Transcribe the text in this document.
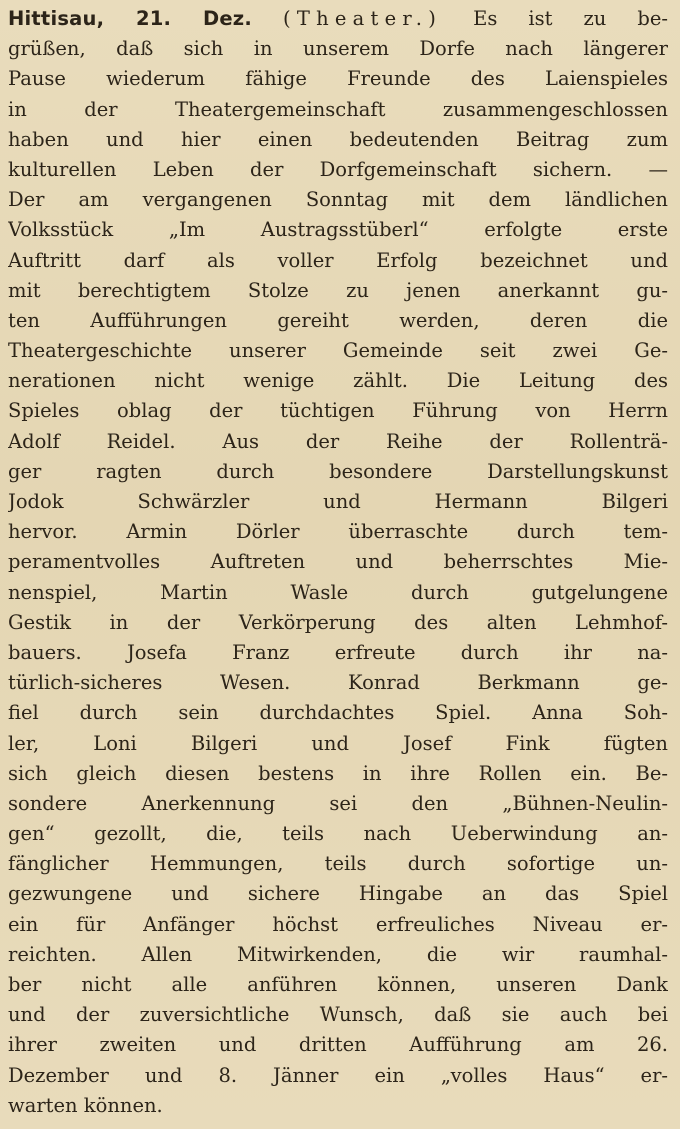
Hittisau, 21. Dez. (Theater.) Es ist zu be-
grüßen, daß sich in unserem Dorfe nach längerer
Pause wiederum fähige Freunde des Laienspieles
in der Theatergemeinschaft zusammengeschlossen
haben und hier einen bedeutenden Beitrag zum
kulturellen Leben der Dorfgemeinschaft sichern. —
Der am vergangenen Sonntag mit dem ländlichen
Volksstück „Im Austragsstüberl“ erfolgte erste
Auftritt darf als voller Erfolg bezeichnet und
mit berechtigtem Stolze zu jenen anerkannt gu-
ten Aufführungen gereiht werden, deren die
Theatergeschichte unserer Gemeinde seit zwei Ge-
nerationen nicht wenige zählt. Die Leitung des
Spieles oblag der tüchtigen Führung von Herrn
Adolf Reidel. Aus der Reihe der Rollenträ-
ger ragten durch besondere Darstellungskunst
Jodok Schwärzler und Hermann Bilgeri
hervor. Armin Dörler überraschte durch tem-
peramentvolles Auftreten und beherrschtes Mie-
nenspiel, Martin Wasle durch gutgelungene
Gestik in der Verkörperung des alten Lehmhof-
bauers. Josefa Franz erfreute durch ihr na-
türlich-sicheres Wesen. Konrad Berkmann ge-
fiel durch sein durchdachtes Spiel. Anna Soh-
ler, Loni Bilgeri und Josef Fink fügten
sich gleich diesen bestens in ihre Rollen ein. Be-
sondere Anerkennung sei den „Bühnen-Neulin-
gen“ gezollt, die, teils nach Ueberwindung an-
fänglicher Hemmungen, teils durch sofortige un-
gezwungene und sichere Hingabe an das Spiel
ein für Anfänger höchst erfreuliches Niveau er-
reichten. Allen Mitwirkenden, die wir raumhal-
ber nicht alle anführen können, unseren Dank
und der zuversichtliche Wunsch, daß sie auch bei
ihrer zweiten und dritten Aufführung am 26.
Dezember und 8. Jänner ein „volles Haus“ er-
warten können.
